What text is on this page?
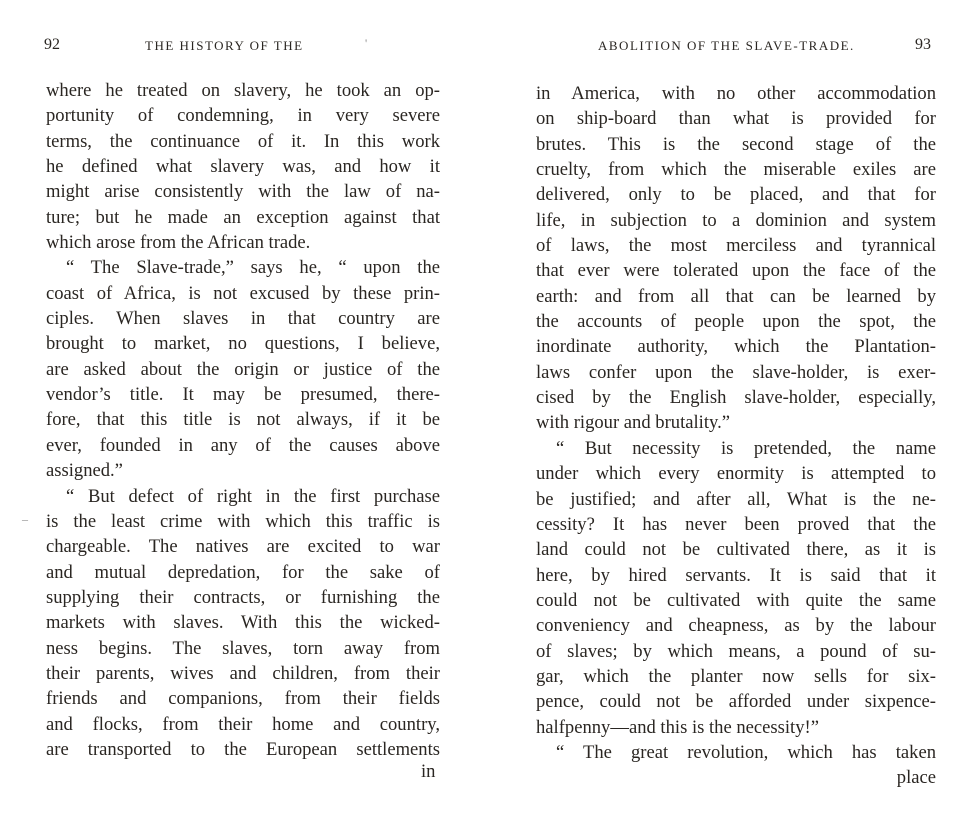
92	THE HISTORY OF THE	'
–
where he treated on slavery, he took an op-
portunity of condemning, in very severe
terms, the continuance of it. In this work
he defined what slavery was, and how it
might arise consistently with the law of na-
ture; but he made an exception against that
which arose from the African trade.
“ The Slave-trade,” says he, “ upon the
coast of Africa, is not excused by these prin-
ciples. When slaves in that country are
brought to market, no questions, I believe,
are asked about the origin or justice of the
vendor’s title. It may be presumed, there-
fore, that this title is not always, if it be
ever, founded in any of the causes above
assigned.”
“ But defect of right in the first purchase
is the least crime with which this traffic is
chargeable. The natives are excited to war
and mutual depredation, for the sake of
supplying their contracts, or furnishing the
markets with slaves. With this the wicked-
ness begins. The slaves, torn away from
their parents, wives and children, from their
friends and companions, from their fields
and flocks, from their home and country,
are transported to the European settlements
in
ABOLITION OF THE SLAVE-TRADE.	93
in America, with no other accommodation
on ship-board than what is provided for
brutes. This is the second stage of the
cruelty, from which the miserable exiles are
delivered, only to be placed, and that for
life, in subjection to a dominion and system
of laws, the most merciless and tyrannical
that ever were tolerated upon the face of the
earth: and from all that can be learned by
the accounts of people upon the spot, the
inordinate authority, which the Plantation-
laws confer upon the slave-holder, is exer-
cised by the English slave-holder, especially,
with rigour and brutality.”
“ But necessity is pretended, the name
under which every enormity is attempted to
be justified; and after all, What is the ne-
cessity? It has never been proved that the
land could not be cultivated there, as it is
here, by hired servants. It is said that it
could not be cultivated with quite the same
conveniency and cheapness, as by the labour
of slaves; by which means, a pound of su-
gar, which the planter now sells for six-
pence, could not be afforded under sixpence-
halfpenny—and this is the necessity!”
“ The great revolution, which has taken
place
